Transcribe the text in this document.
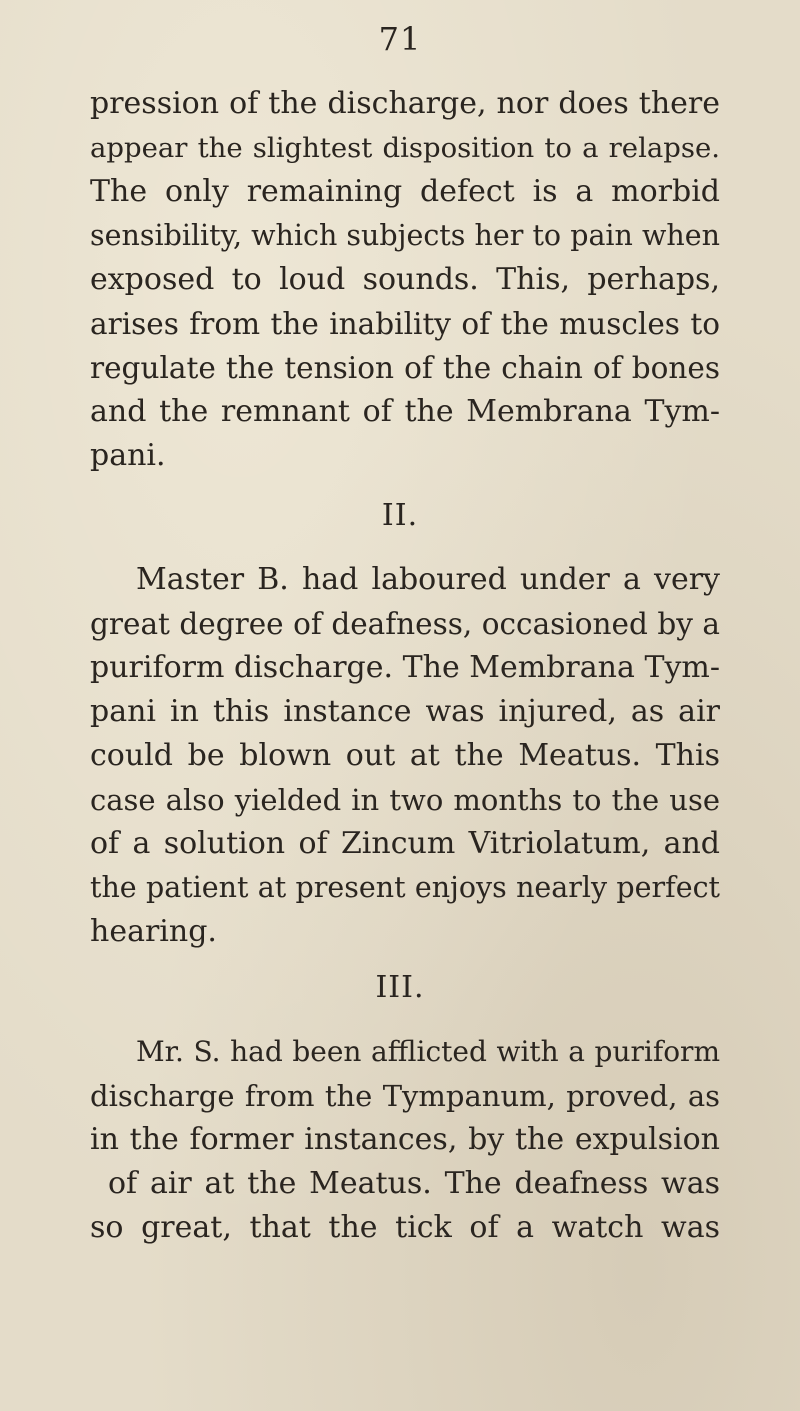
71
pression of the discharge, nor does there
appear the slightest disposition to a relapse.
The only remaining defect is a morbid
sensibility, which subjects her to pain when
exposed to loud sounds. This, perhaps,
arises from the inability of the muscles to
regulate the tension of the chain of bones
and the remnant of the Membrana Tym-
pani.
II.
Master B. had laboured under a very
great degree of deafness, occasioned by a
puriform discharge. The Membrana Tym-
pani in this instance was injured, as air
could be blown out at the Meatus. This
case also yielded in two months to the use
of a solution of Zincum Vitriolatum, and
the patient at present enjoys nearly perfect
hearing.
III.
Mr. S. had been afflicted with a puriform
discharge from the Tympanum, proved, as
in the former instances, by the expulsion
of air at the Meatus. The deafness was
so great, that the tick of a watch was
